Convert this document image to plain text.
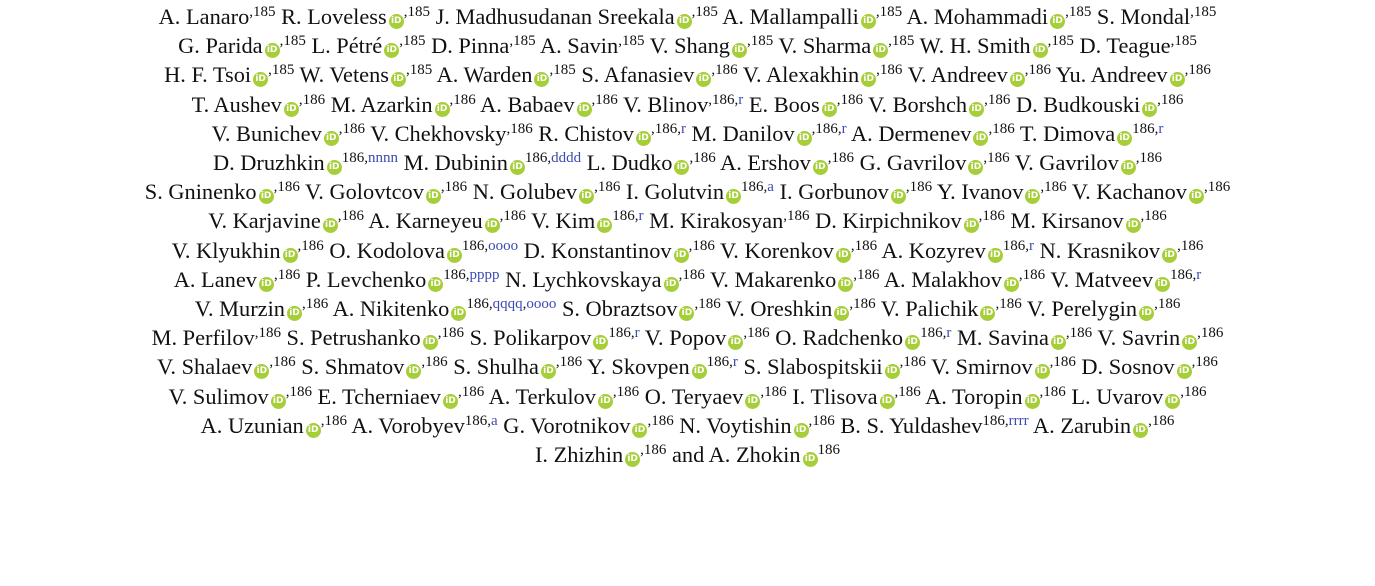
A. Lanaro$^{,185}$ R. Loveless $iD^{,185}$ J. Madhusudanan Sreekala $iD^{,185}$ A. Mallampalli $iD^{,185}$ A. Mohammadi $iD^{,185}$ S. Mondal$^{,185}$
G. Parida $iD^{,185}$ L. Pétré $iD^{,185}$ D. Pinna$^{,185}$ A. Savin$^{,185}$ V. Shang $iD^{,185}$ V. Sharma $iD^{,185}$ W. H. Smith $iD^{,185}$ D. Teague$^{,185}$
H. F. Tsoi $iD^{,185}$ W. Vetens $iD^{,185}$ A. Warden $iD^{,185}$ S. Afanasiev $iD^{,186}$ V. Alexakhin $iD^{,186}$ V. Andreev $iD^{,186}$ Yu. Andreev $iD^{,186}$
T. Aushev $iD^{,186}$ M. Azarkin $iD^{,186}$ A. Babaev $iD^{,186}$ V. Blinov$^{,186,r}$ E. Boos $iD^{,186}$ V. Borshch $iD^{,186}$ D. Budkouski $iD^{,186}$
V. Bunichev $iD^{,186}$ V. Chekhovsky$^{,186}$ R. Chistov $iD^{,186,r}$ M. Danilov $iD^{,186,r}$ A. Dermenev $iD^{,186}$ T. Dimova iD$^{186,r}$
D. Druzhkin $iD^{186,nnnn}$ M. Dubinin $iD^{186,dddd}$ L. Dudko $iD^{,186}$ A. Ershov $iD^{,186}$ G. Gavrilov $iD^{,186}$ V. Gavrilov $iD^{,186}$
S. Gninenko $iD^{,186}$ V. Golovtcov $iD^{,186}$ N. Golubev $iD^{,186}$ I. Golutvin iD$^{186,a}$ I. Gorbunov $iD^{,186}$ Y. Ivanov $iD^{,186}$ V. Kachanov $iD^{,186}$
V. Karjavine $iD^{,186}$ A. Karneyeu $iD^{,186}$ V. Kim iD$^{186,r}$ M. Kirakosyan$^{,186}$ D. Kirpichnikov $iD^{,186}$ M. Kirsanov $iD^{,186}$
V. Klyukhin $iD^{,186}$ O. Kodolova $iD^{186,oooo}$ D. Konstantinov $iD^{,186}$ V. Korenkov $iD^{,186}$ A. Kozyrev iD$^{186,r}$ N. Krasnikov $iD^{,186}$
A. Lanev $iD^{,186}$ P. Levchenko $iD^{186,pppp}$ N. Lychkovskaya $iD^{,186}$ V. Makarenko $iD^{,186}$ A. Malakhov $iD^{,186}$ V. Matveev iD$^{186,r}$
V. Murzin $iD^{,186}$ A. Nikitenko $iD^{186,qqqq,oooo}$ S. Obraztsov $iD^{,186}$ V. Oreshkin $iD^{,186}$ V. Palichik $iD^{,186}$ V. Perelygin $iD^{,186}$
M. Perfilov$^{,186}$ S. Petrushanko $iD^{,186}$ S. Polikarpov iD$^{186,r}$ V. Popov $iD^{,186}$ O. Radchenko iD$^{186,r}$ M. Savina $iD^{,186}$ V. Savrin $iD^{,186}$
V. Shalaev $iD^{,186}$ S. Shmatov $iD^{,186}$ S. Shulha $iD^{,186}$ Y. Skovpen iD$^{186,r}$ S. Slabospitskii $iD^{,186}$ V. Smirnov $iD^{,186}$ D. Sosnov $iD^{,186}$
V. Sulimov $iD^{,186}$ E. Tcherniaev $iD^{,186}$ A. Terkulov $iD^{,186}$ O. Teryaev $iD^{,186}$ I. Tlisova $iD^{,186}$ A. Toropin $iD^{,186}$ L. Uvarov $iD^{,186}$
A. Uzunian $iD^{,186}$ A. Vorobyev$^{186,a}$ G. Vorotnikov $iD^{,186}$ N. Voytishin $iD^{,186}$ B. S. Yuldashev$^{186,rrrr}$ A. Zarubin $iD^{,186}$
I. Zhizhin $iD^{,186}$ and A. Zhokin $iD^{186}$
